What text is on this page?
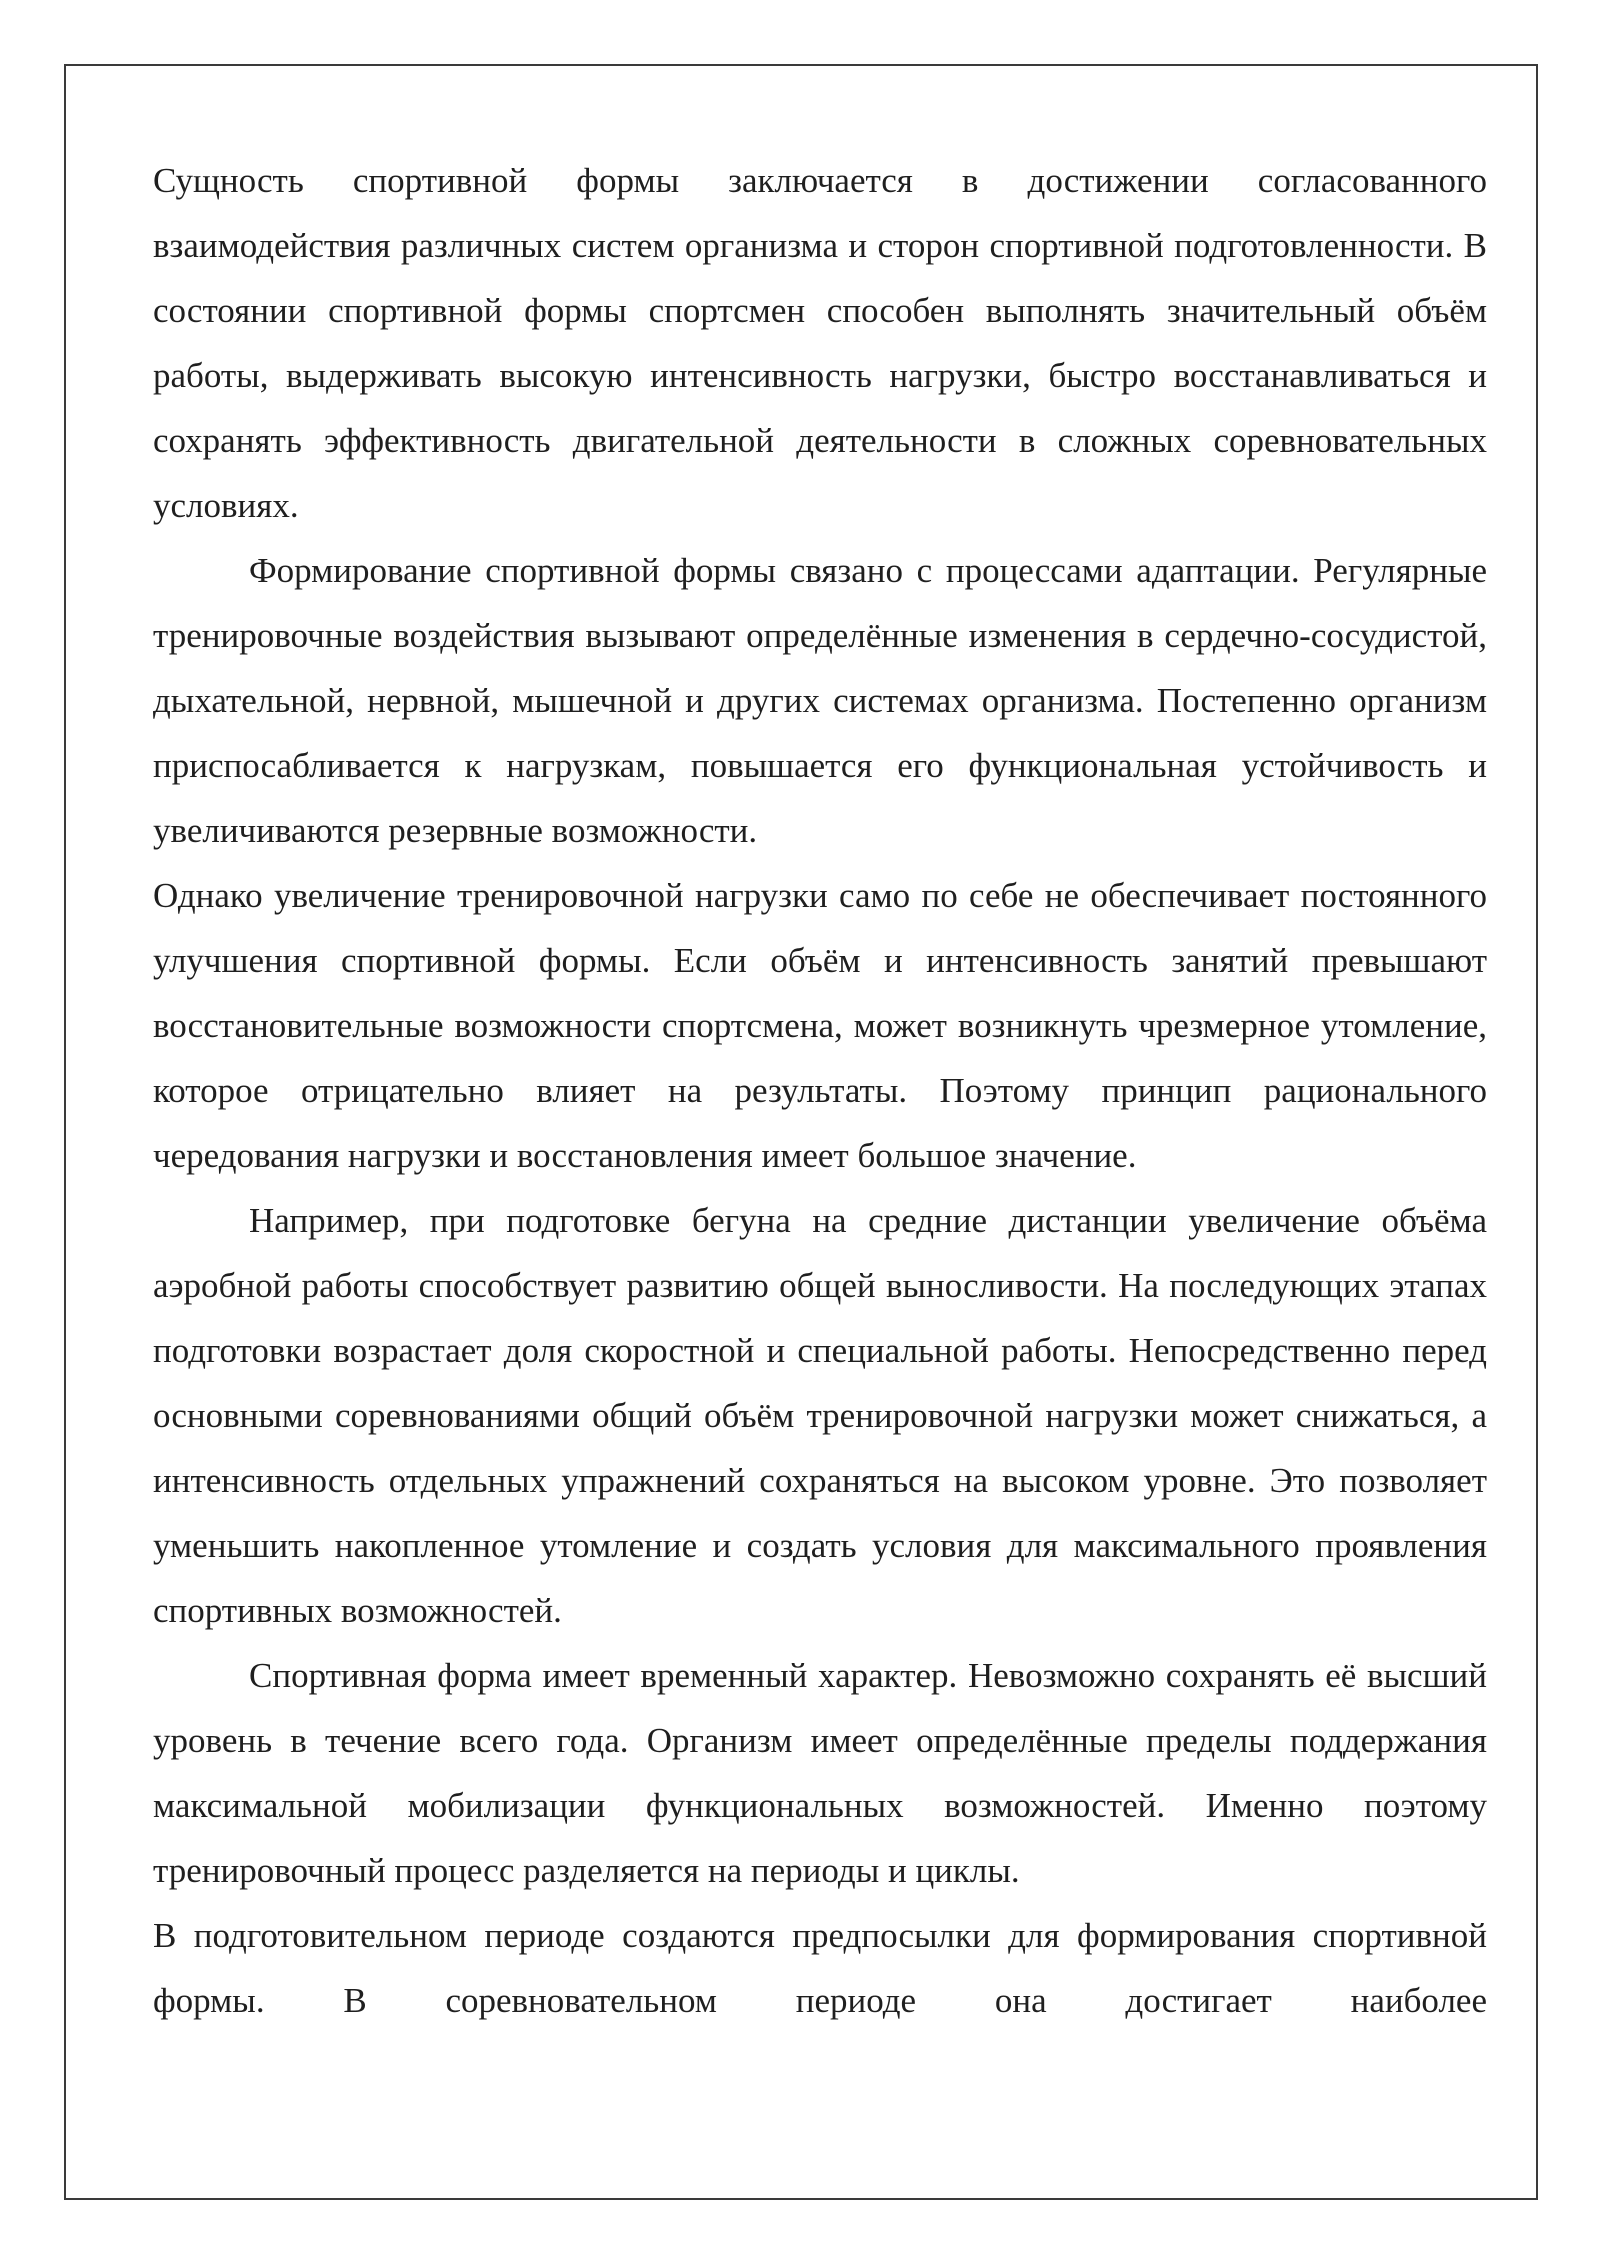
Сущность спортивной формы заключается в достижении согласованного взаимодействия различных систем организма и сторон спортивной подготовленности. В состоянии спортивной формы спортсмен способен выполнять значительный объём работы, выдерживать высокую интенсивность нагрузки, быстро восстанавливаться и сохранять эффективность двигательной деятельности в сложных соревновательных условиях.

Формирование спортивной формы связано с процессами адаптации. Регулярные тренировочные воздействия вызывают определённые изменения в сердечно-сосудистой, дыхательной, нервной, мышечной и других системах организма. Постепенно организм приспосабливается к нагрузкам, повышается его функциональная устойчивость и увеличиваются резервные возможности.

Однако увеличение тренировочной нагрузки само по себе не обеспечивает постоянного улучшения спортивной формы. Если объём и интенсивность занятий превышают восстановительные возможности спортсмена, может возникнуть чрезмерное утомление, которое отрицательно влияет на результаты. Поэтому принцип рационального чередования нагрузки и восстановления имеет большое значение.

Например, при подготовке бегуна на средние дистанции увеличение объёма аэробной работы способствует развитию общей выносливости. На последующих этапах подготовки возрастает доля скоростной и специальной работы. Непосредственно перед основными соревнованиями общий объём тренировочной нагрузки может снижаться, а интенсивность отдельных упражнений сохраняться на высоком уровне. Это позволяет уменьшить накопленное утомление и создать условия для максимального проявления спортивных возможностей.

Спортивная форма имеет временный характер. Невозможно сохранять её высший уровень в течение всего года. Организм имеет определённые пределы поддержания максимальной мобилизации функциональных возможностей. Именно поэтому тренировочный процесс разделяется на периоды и циклы.

В подготовительном периоде создаются предпосылки для формирования спортивной формы. В соревновательном периоде она достигает наиболее
